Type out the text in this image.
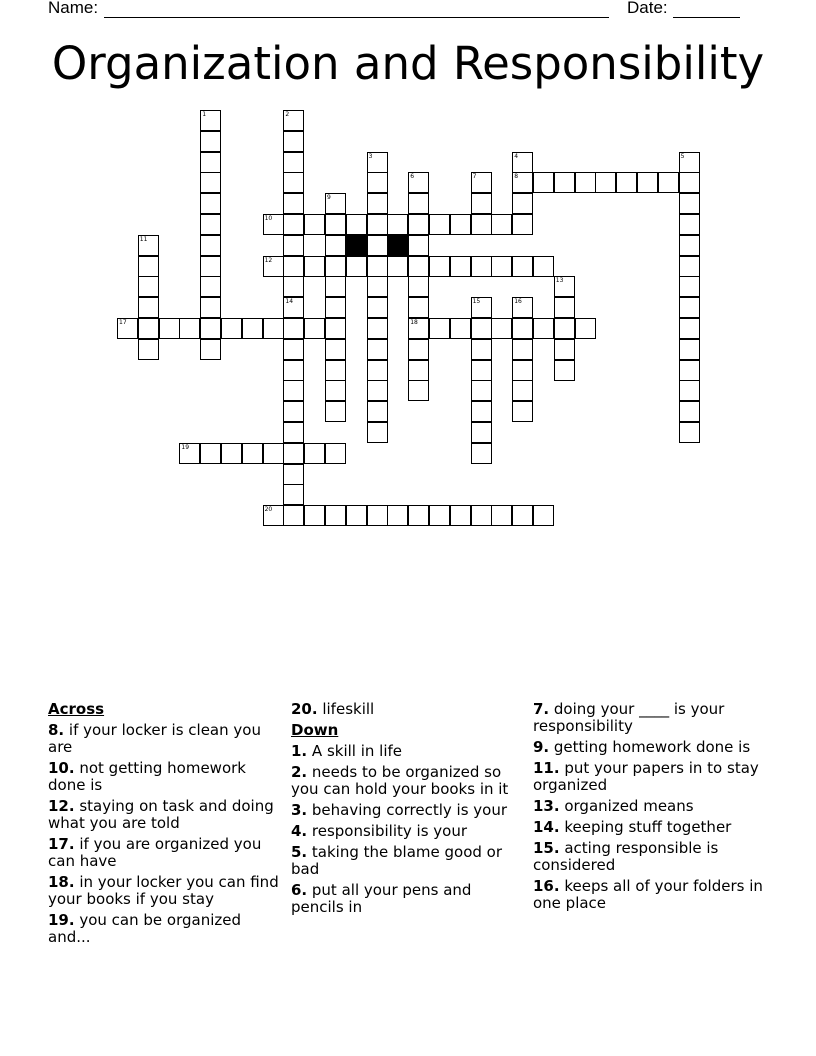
Name:	Date:
Organization and Responsibility
1	2
14
3	4
8
5
6
18
7
9
10
11
12
13
15	16
17
19
20
Across
8. if your locker is clean you are
10. not getting homework done is
12. staying on task and doing what you are told
17. if you are organized you can have
18. in your locker you can find your books if you stay
19. you can be organized and...
20. lifeskill
Down
1. A skill in life
2. needs to be organized so you can hold your books in it
3. behaving correctly is your
4. responsibility is your
5. taking the blame good or bad
6. put all your pens and pencils in
7. doing your ____ is your responsibility
9. getting homework done is
11. put your papers in to stay organized
13. organized means
14. keeping stuff together
15. acting responsible is considered
16. keeps all of your folders in one place
